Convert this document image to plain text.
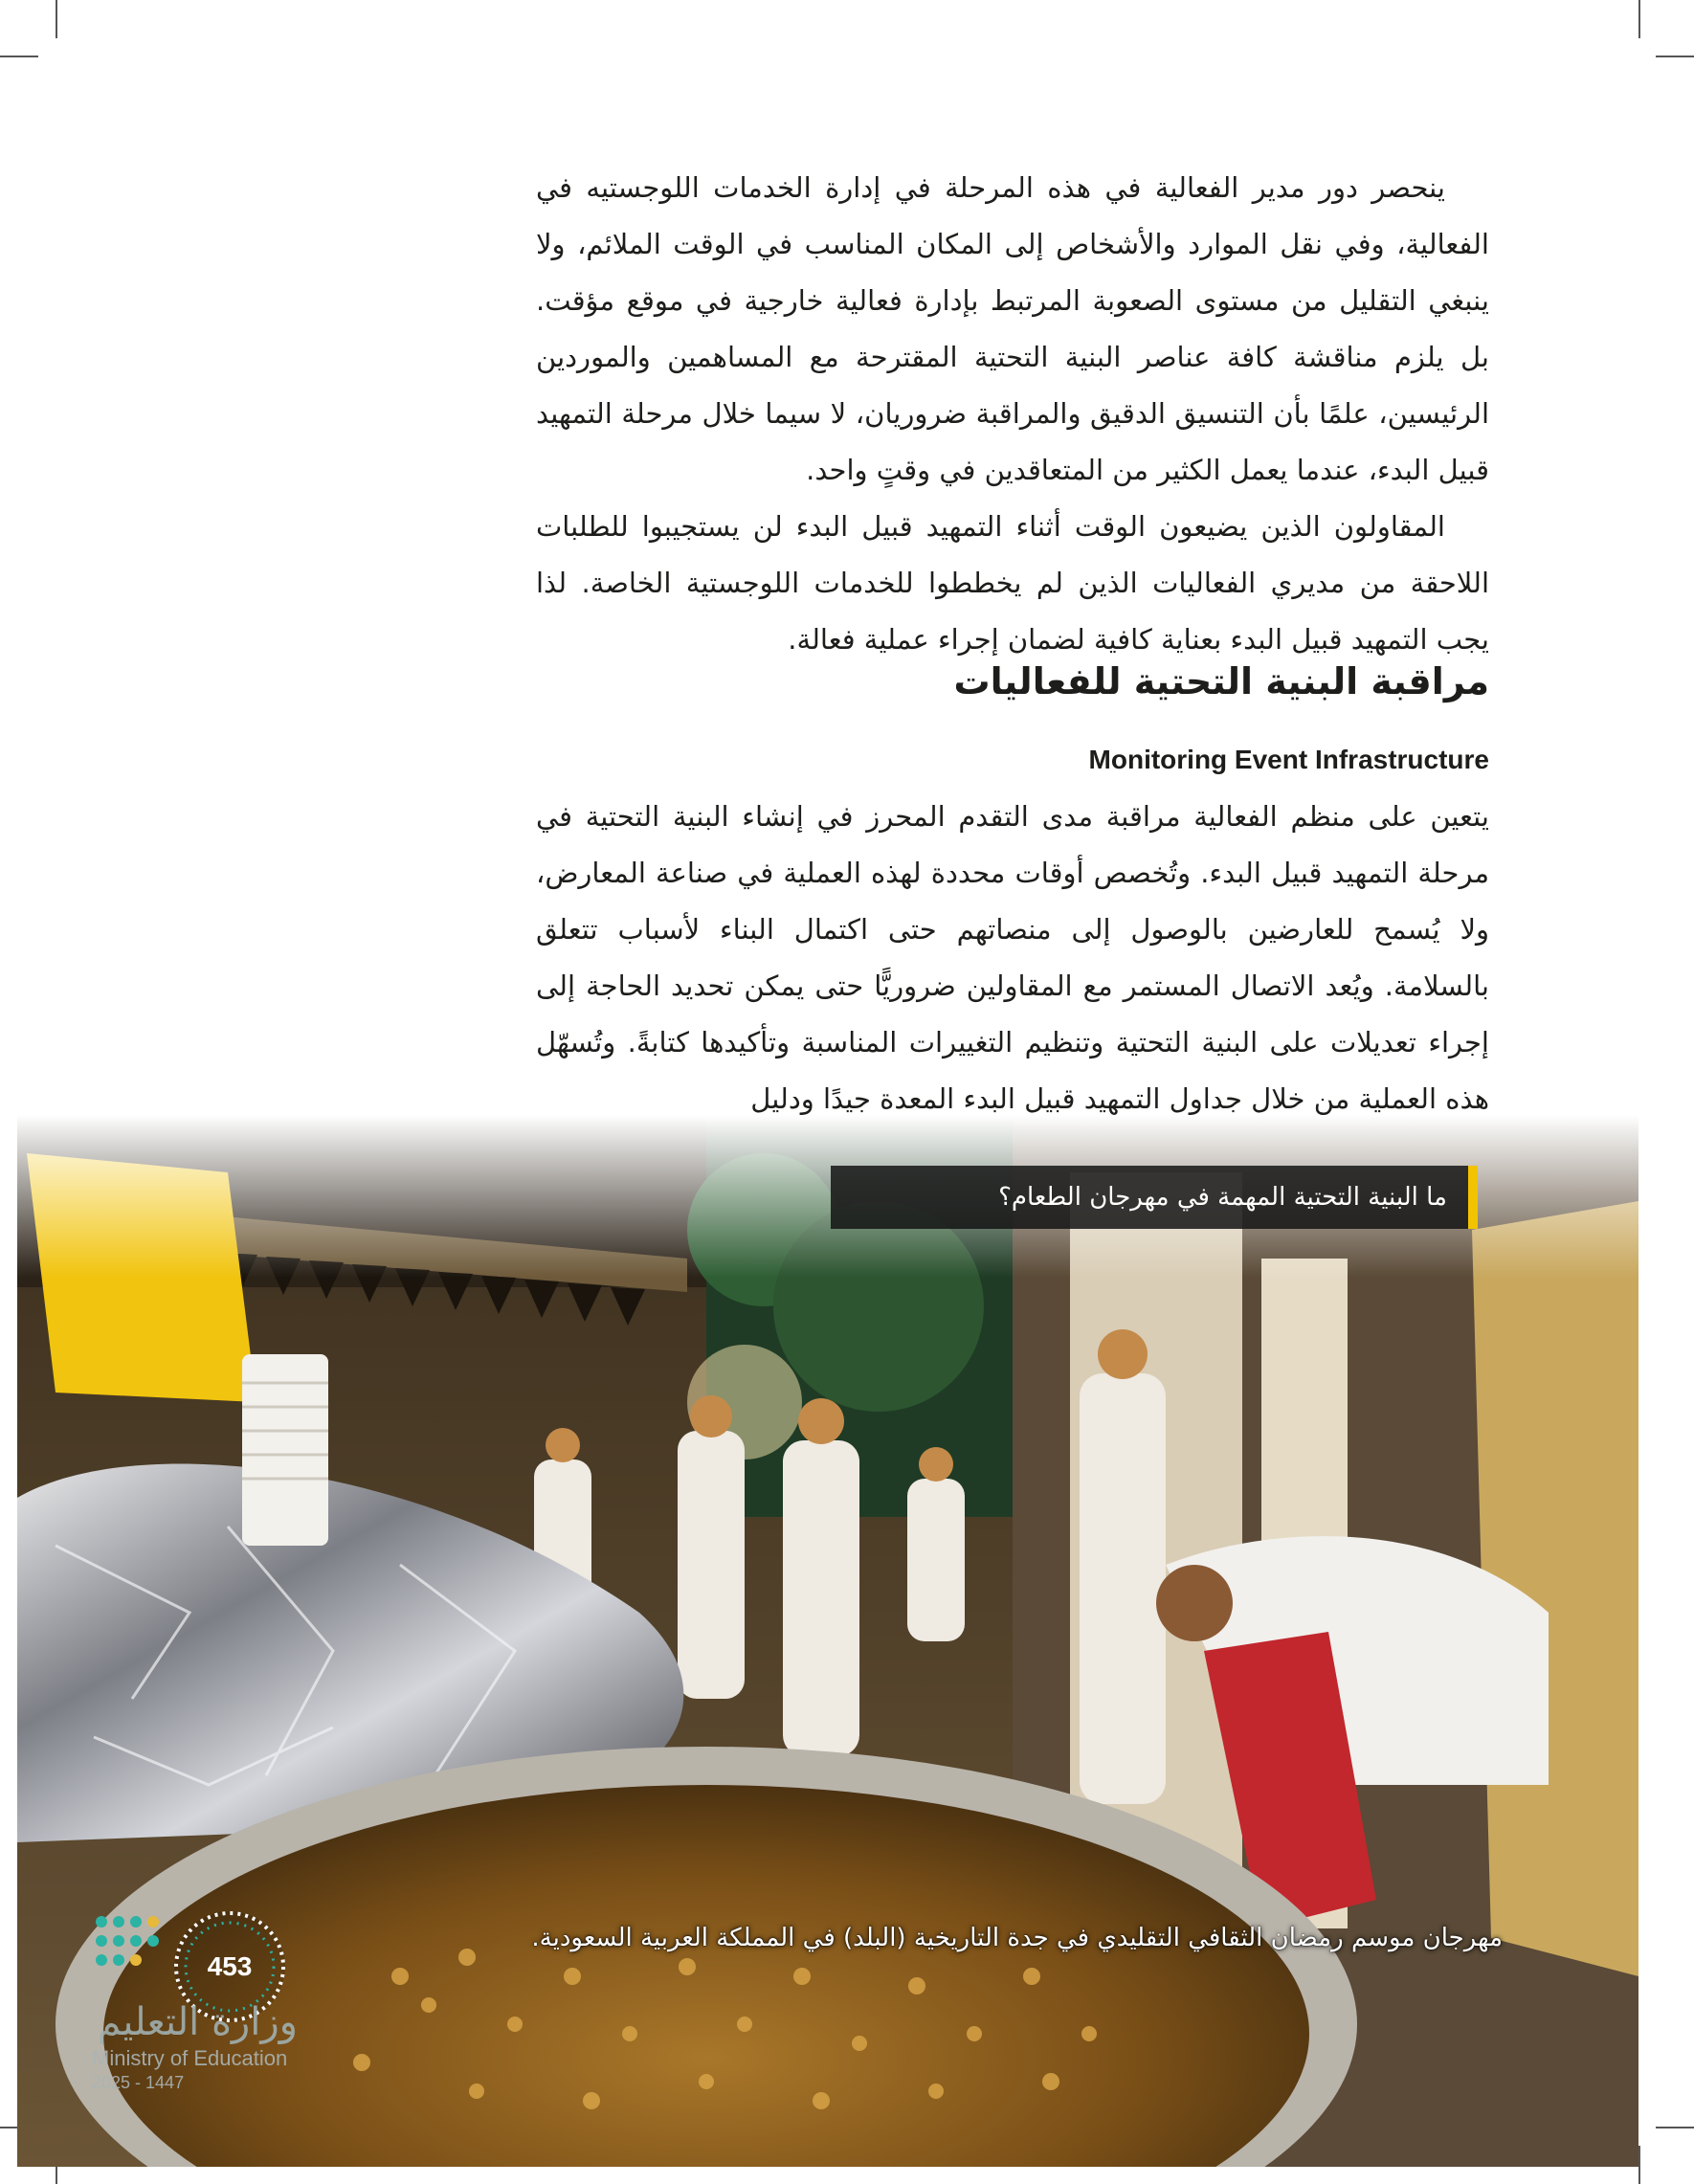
ينحصر دور مدير الفعالية في هذه المرحلة في إدارة الخدمات اللوجستيه في الفعالية، وفي نقل الموارد والأشخاص إلى المكان المناسب في الوقت الملائم، ولا ينبغي التقليل من مستوى الصعوبة المرتبط بإدارة فعالية خارجية في موقع مؤقت. بل يلزم مناقشة كافة عناصر البنية التحتية المقترحة مع المساهمين والموردين الرئيسين، علمًا بأن التنسيق الدقيق والمراقبة ضروريان، لا سيما خلال مرحلة التمهيد قبيل البدء، عندما يعمل الكثير من المتعاقدين في وقتٍ واحد.

المقاولون الذين يضيعون الوقت أثناء التمهيد قبيل البدء لن يستجيبوا للطلبات اللاحقة من مديري الفعاليات الذين لم يخططوا للخدمات اللوجستية الخاصة. لذا يجب التمهيد قبيل البدء بعناية كافية لضمان إجراء عملية فعالة.

مراقبة البنية التحتية للفعاليات
Monitoring Event Infrastructure

يتعين على منظم الفعالية مراقبة مدى التقدم المحرز في إنشاء البنية التحتية في مرحلة التمهيد قبيل البدء. وتُخصص أوقات محددة لهذه العملية في صناعة المعارض، ولا يُسمح للعارضين بالوصول إلى منصاتهم حتى اكتمال البناء لأسباب تتعلق بالسلامة. ويُعد الاتصال المستمر مع المقاولين ضروريًّا حتى يمكن تحديد الحاجة إلى إجراء تعديلات على البنية التحتية وتنظيم التغييرات المناسبة وتأكيدها كتابةً. وتُسهّل هذه العملية من خلال جداول التمهيد قبيل البدء المعدة جيدًا ودليل

ما البنية التحتية المهمة في مهرجان الطعام؟
مهرجان موسم رمضان الثقافي التقليدي في جدة التاريخية (البلد) في المملكة العربية السعودية.
453
وزارة التعليم
Ministry of Education
2025 - 1447
